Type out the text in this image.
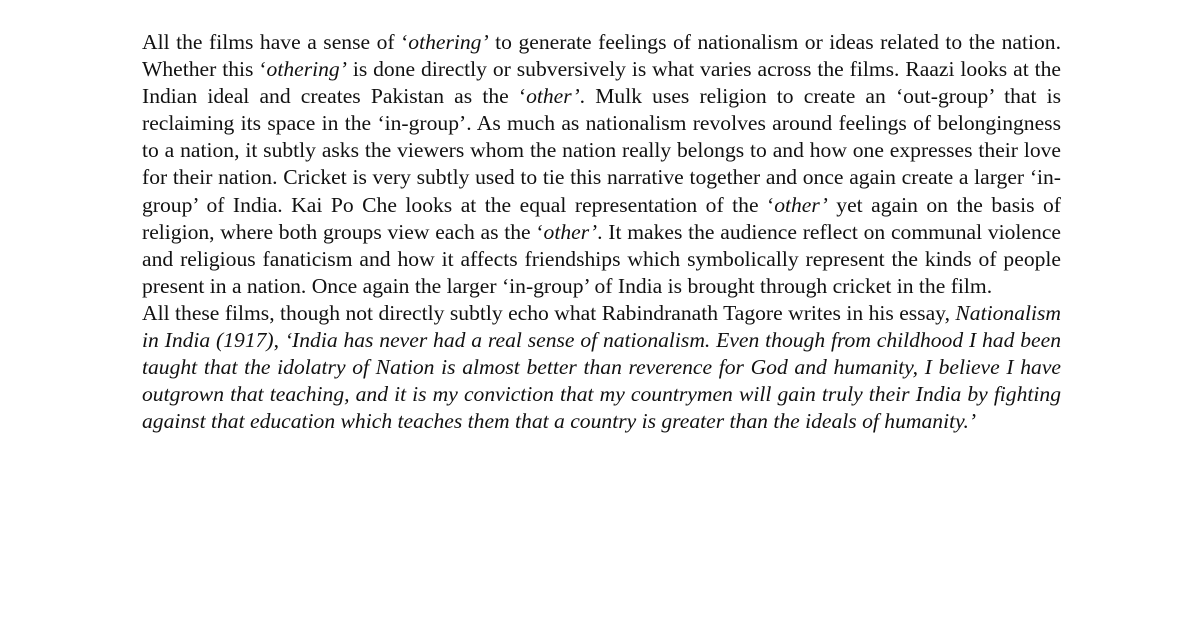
All the films have a sense of ‘othering’ to generate feelings of nationalism or ideas related to the nation. Whether this ‘othering’ is done directly or subversively is what varies across the films. Raazi looks at the Indian ideal and creates Pakistan as the ‘other’. Mulk uses religion to create an ‘out-group’ that is reclaiming its space in the ‘in-group’. As much as nationalism revolves around feelings of belongingness to a nation, it subtly asks the viewers whom the nation really belongs to and how one expresses their love for their nation. Cricket is very subtly used to tie this narrative together and once again create a larger ‘in-group’ of India. Kai Po Che looks at the equal representation of the ‘other’ yet again on the basis of religion, where both groups view each as the ‘other’. It makes the audience reflect on communal violence and religious fanaticism and how it affects friendships which symbolically represent the kinds of people present in a nation. Once again the larger ‘in-group’ of India is brought through cricket in the film.

All these films, though not directly subtly echo what Rabindranath Tagore writes in his essay, Nationalism in India (1917), ‘India has never had a real sense of nationalism. Even though from childhood I had been taught that the idolatry of Nation is almost better than reverence for God and humanity, I believe I have outgrown that teaching, and it is my conviction that my countrymen will gain truly their India by fighting against that education which teaches them that a country is greater than the ideals of humanity.’
